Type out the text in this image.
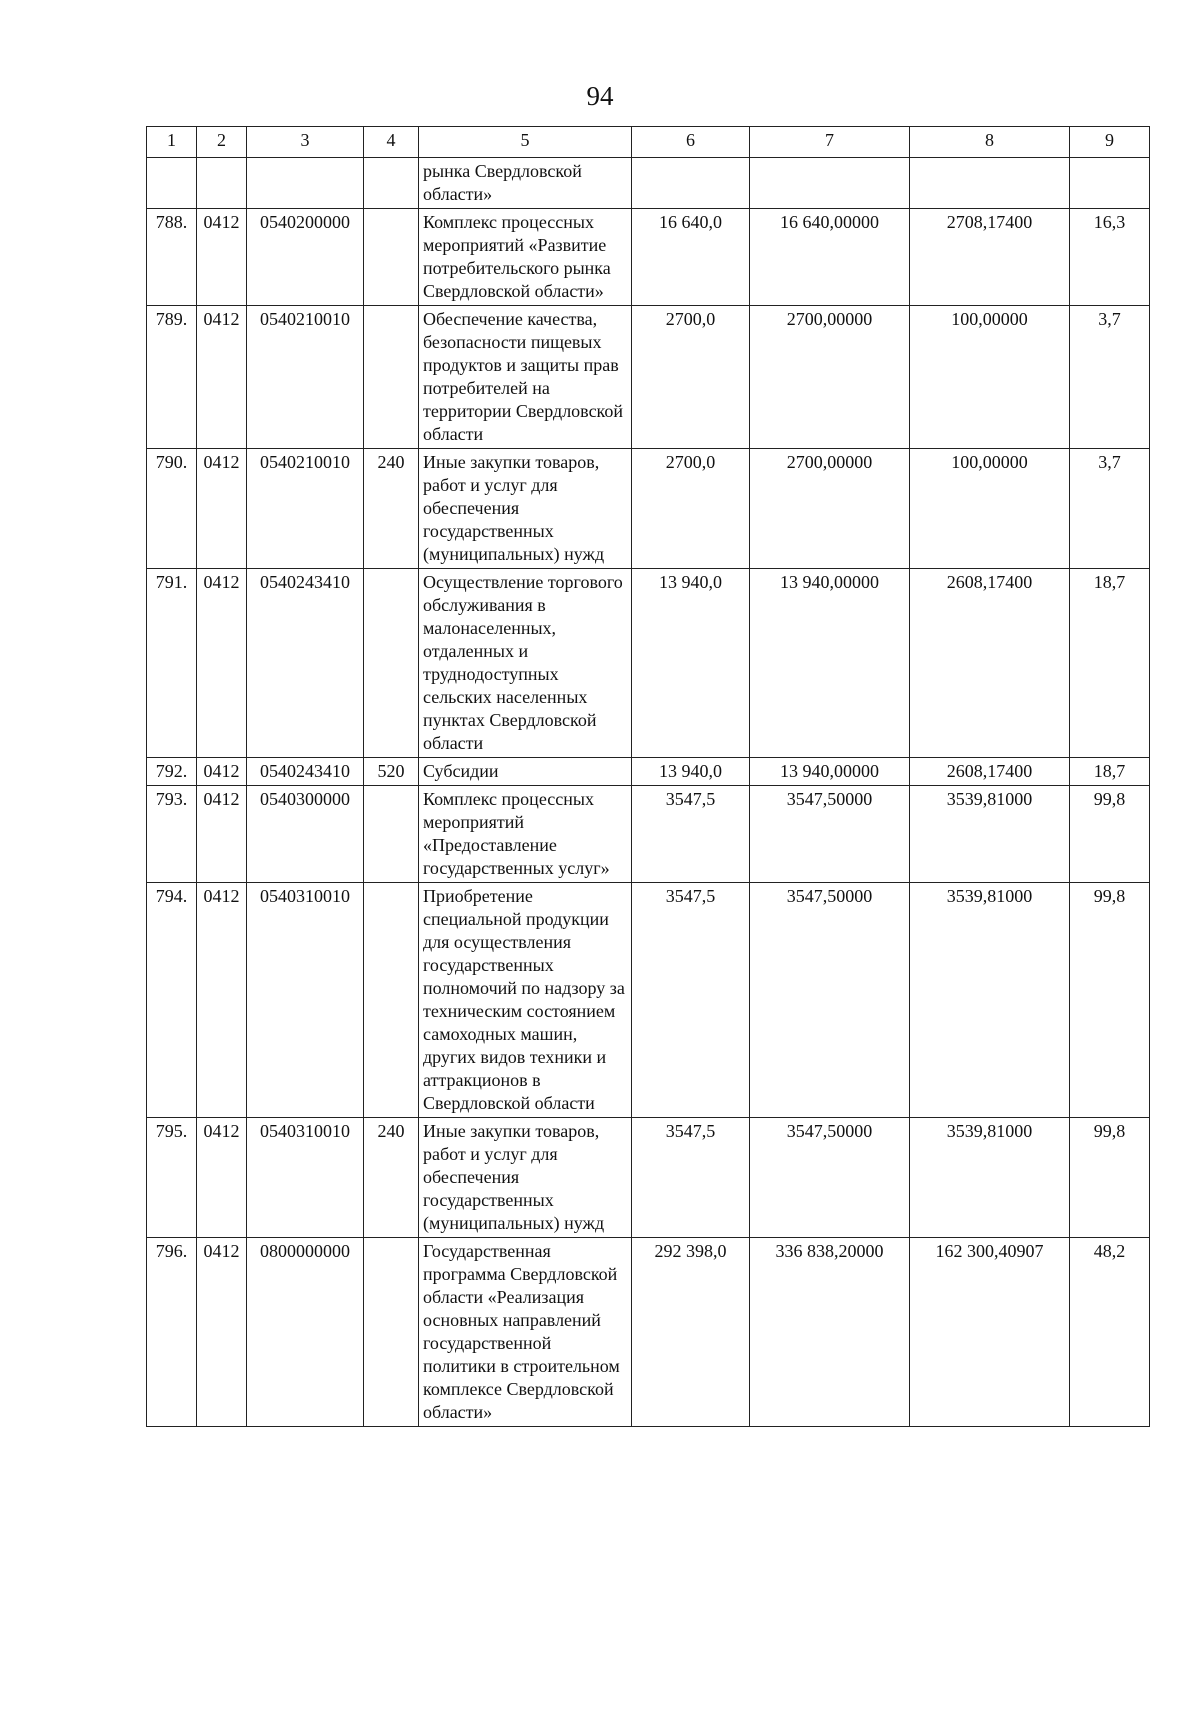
94
1	2	3	4	5	6	7	8	9
				рынка Свердловской области»				
788.	0412	0540200000		Комплекс процессных мероприятий «Развитие потребительского рынка Свердловской области»	16 640,0	16 640,00000	2708,17400	16,3
789.	0412	0540210010		Обеспечение качества, безопасности пищевых продуктов и защиты прав потребителей на территории Свердловской области	2700,0	2700,00000	100,00000	3,7
790.	0412	0540210010	240	Иные закупки товаров, работ и услуг для обеспечения государственных (муниципальных) нужд	2700,0	2700,00000	100,00000	3,7
791.	0412	0540243410		Осуществление торгового обслуживания в малонаселенных, отдаленных и труднодоступных сельских населенных пунктах Свердловской области	13 940,0	13 940,00000	2608,17400	18,7
792.	0412	0540243410	520	Субсидии	13 940,0	13 940,00000	2608,17400	18,7
793.	0412	0540300000		Комплекс процессных мероприятий «Предоставление государственных услуг»	3547,5	3547,50000	3539,81000	99,8
794.	0412	0540310010		Приобретение специальной продукции для осуществления государственных полномочий по надзору за техническим состоянием самоходных машин, других видов техники и аттракционов в Свердловской области	3547,5	3547,50000	3539,81000	99,8
795.	0412	0540310010	240	Иные закупки товаров, работ и услуг для обеспечения государственных (муниципальных) нужд	3547,5	3547,50000	3539,81000	99,8
796.	0412	0800000000		Государственная программа Свердловской области «Реализация основных направлений государственной политики в строительном комплексе Свердловской области»	292 398,0	336 838,20000	162 300,40907	48,2
